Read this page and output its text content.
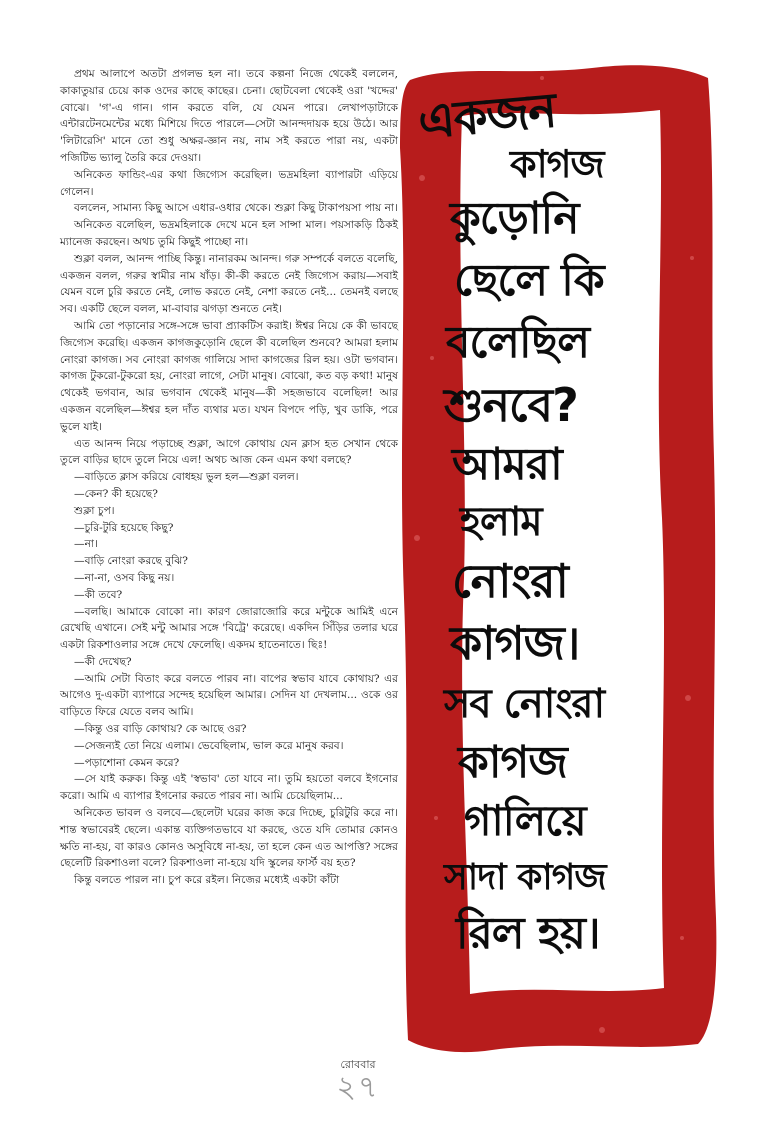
প্রথম আলাপে অতটা প্রগলভ হল না। তবে কল্পনা নিজে থেকেই বললেন, কাকাতুয়ার চেয়ে কাক ওদের কাছে কাছের। চেনা। ছোটবেলা থেকেই ওরা 'খদ্দের' বোঝে। 'গ'-এ গান। গান করতে বলি, যে যেমন পারে। লেখাপড়াটাকে এন্টারটেনমেন্টের মধ্যে মিশিয়ে দিতে পারলে—সেটা আনন্দদায়ক হয়ে উঠে। আর 'লিটারেসি' মানে তো শুধু অক্ষর-জ্ঞান নয়, নাম সই করতে পারা নয়, একটা পজিটিভ ভ্যালু তৈরি করে দেওয়া।

অনিকেত ফান্ডিং-এর কথা জিগ্যেস করেছিল। ভদ্রমহিলা ব্যাপারটা এড়িয়ে গেলেন।

বললেন, সামান্য কিছু আসে এধার-ওধার থেকে। শুক্লা কিছু টাকাপয়সা পায় না।

অনিকেত বলেছিল, ভদ্রমহিলাকে দেখে মনে হল সান্সা মাল। পয়সাকড়ি ঠিকই ম্যানেজ করছেন। অথচ তুমি কিছুই পাচ্ছো না।

শুক্লা বলল, আনন্দ পাচ্ছি কিন্তু। নানারকম আনন্দ। গরু সম্পর্কে বলতে বলেছি, একজন বলল, গরুর স্বামীর নাম ষাঁড়। কী-কী করতে নেই জিগ্যেস করায়—সবাই যেমন বলে চুরি করতে নেই, লোভ করতে নেই, নেশা করতে নেই... তেমনই বলছে সব। একটি ছেলে বলল, মা-বাবার ঝগড়া শুনতে নেই।

আমি তো পড়ানোর সঙ্গে-সঙ্গে ভাবা প্র্যাকটিস করাই। ঈশ্বর নিয়ে কে কী ভাবছে জিগ্যেস করেছি। একজন কাগজকুড়োনি ছেলে কী বলেছিল শুনবে? আমরা হলাম নোংরা কাগজ। সব নোংরা কাগজ গালিয়ে সাদা কাগজের রিল হয়। ওটা ভগবান। কাগজ টুকরো-টুকরো হয়, নোংরা লাগে, সেটা মানুষ। বোঝো, কত বড় কথা! মানুষ থেকেই ভগবান, আর ভগবান থেকেই মানুষ—কী সহজভাবে বলেছিল! আর একজন বলেছিল—ঈশ্বর হল দাঁত ব্যথার মত। যখন বিপদে পড়ি, খুব ডাকি, পরে ভুলে যাই।

এত আনন্দ নিয়ে পড়াচ্ছে শুক্লা, আগে কোথায় যেন ক্লাস হত সেখান থেকে তুলে বাড়ির ছাদে তুলে নিয়ে এল! অথচ আজ কেন এমন কথা বলছে?

—বাড়িতে ক্লাস করিয়ে বোধহয় ভুল হল—শুক্লা বলল।

—কেন? কী হয়েছে?

শুক্লা চুপ।

—চুরি-টুরি হয়েছে কিছু?

—না।

—বাড়ি নোংরা করছে বুঝি?

—না-না, ওসব কিছু নয়।

—কী তবে?

—বলছি। আমাকে বোকো না। কারণ জোরাজোরি করে মন্টুকে আমিই এনে রেখেছি এখানে। সেই মন্টু আমার সঙ্গে 'বিট্রে' করেছে। একদিন সিঁড়ির তলার ঘরে একটা রিকশাওলার সঙ্গে দেখে ফেলেছি। একদম হাতেনাতে। ছিঃ!

—কী দেখেছ?

—আমি সেটা বিতাং করে বলতে পারব না। বাপের স্বভাব যাবে কোথায়? এর আগেও দু-একটা ব্যাপারে সন্দেহ হয়েছিল আমার। সেদিন যা দেখলাম... ওকে ওর বাড়িতে ফিরে যেতে বলব আমি।

—কিন্তু ওর বাড়ি কোথায়? কে আছে ওর?

—সেজন্যই তো নিয়ে এলাম। ভেবেছিলাম, ভাল করে মানুষ করব।

—পড়াশোনা কেমন করে?

—সে যাই করুক। কিন্তু এই 'স্বভাব' তো যাবে না। তুমি হয়তো বলবে ইগনোর করো। আমি এ ব্যাপার ইগনোর করতে পারব না। আমি চেয়েছিলাম...

অনিকেত ভাবল ও বলবে—ছেলেটা ঘরের কাজ করে দিচ্ছে, চুরিটুরি করে না। শান্ত স্বভাবেরই ছেলে। একান্ত ব্যক্তিগতভাবে যা করছে, ওতে যদি তোমার কোনও ক্ষতি না-হয়, বা কারও কোনও অসুবিধে না-হয়, তা হলে কেন এত আপত্তি? সঙ্গের ছেলেটি রিকশাওলা বলে? রিকশাওলা না-হয়ে যদি স্কুলের ফার্স্ট বয় হত?

কিন্তু বলতে পারল না। চুপ করে রইল। নিজের মধ্যেই একটা কাঁটা

একজন
কাগজ
কুড়োনি
ছেলে কি
বলেছিল
শুনবে?
আমরা
হলাম
নোংরা
কাগজ।
সব নোংরা
কাগজ
গালিয়ে
সাদা কাগজ
রিল হয়।
রোববার
২৭
